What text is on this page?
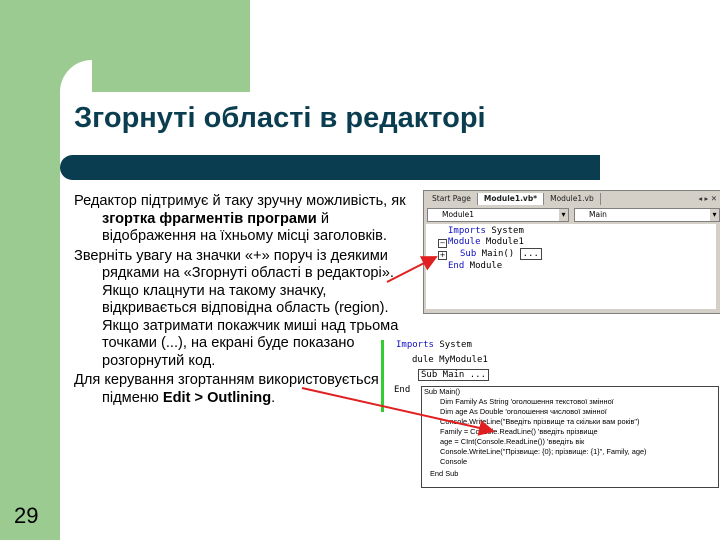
Згорнуті області в редакторі

Редактор підтримує й таку зручну можливість, як згортка фрагментів програми й відображення на їхньому місці заголовків.

Зверніть увагу на значки «+» поруч із деякими рядками на «Згорнуті області в редакторі». Якщо клацнути на такому значку, відкривається відповідна область (region). Якщо затримати покажчик миші над трьома точками (...), на екрані буде показано розгорнутий код.

Для керування згортанням використовується підменю Edit > Outlining.

29
Start Page	Module1.vb*	Module1.vb	◂ ▸ ✕
Module1 ▾	Main ▾
Imports System
− Module Module1
+ Sub Main() ...
End Module
Imports System
dule MyModule1
Sub Main ...
End Sub Main()
Dim Family As String 'оголошення текстової змінної
Dim age As Double 'оголошення числової змінної
Console.WriteLine("Введіть прізвище та скільки вам років")
Family = Console.ReadLine() 'введіть прізвище
age = CInt(Console.ReadLine()) 'введіть вік
Console.WriteLine("Прізвище: {0}; прізвище: {1}", Family, age)
Console
End Sub
